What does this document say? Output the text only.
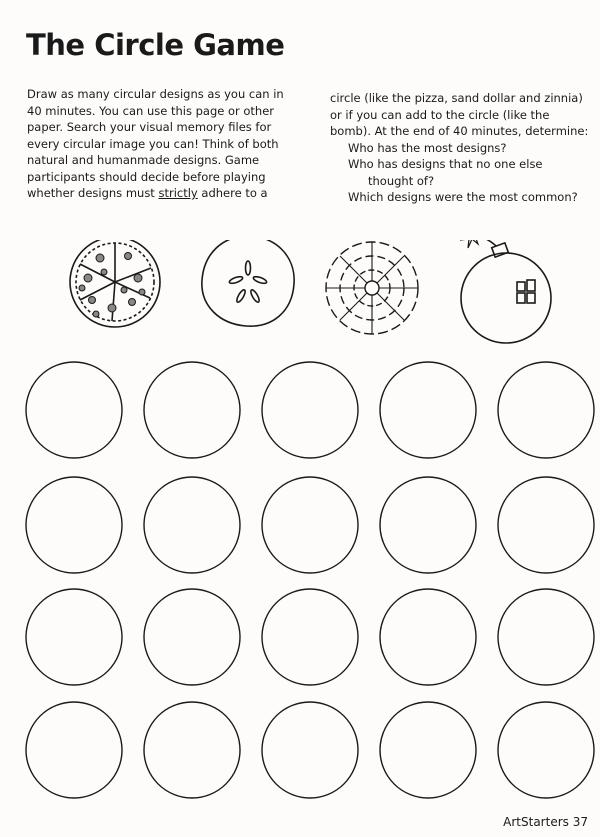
The Circle Game

Draw as many circular designs as you can in

40 minutes. You can use this page or other

paper. Search your visual memory files for

every circular image you can! Think of both

natural and humanmade designs. Game

participants should decide before playing

whether designs must strictly adhere to a

circle (like the pizza, sand dollar and zinnia)

or if you can add to the circle (like the

bomb). At the end of 40 minutes, determine:

Who has the most designs?

Who has designs that no one else

thought of?

Which designs were the most common?

ArtStarters 37
